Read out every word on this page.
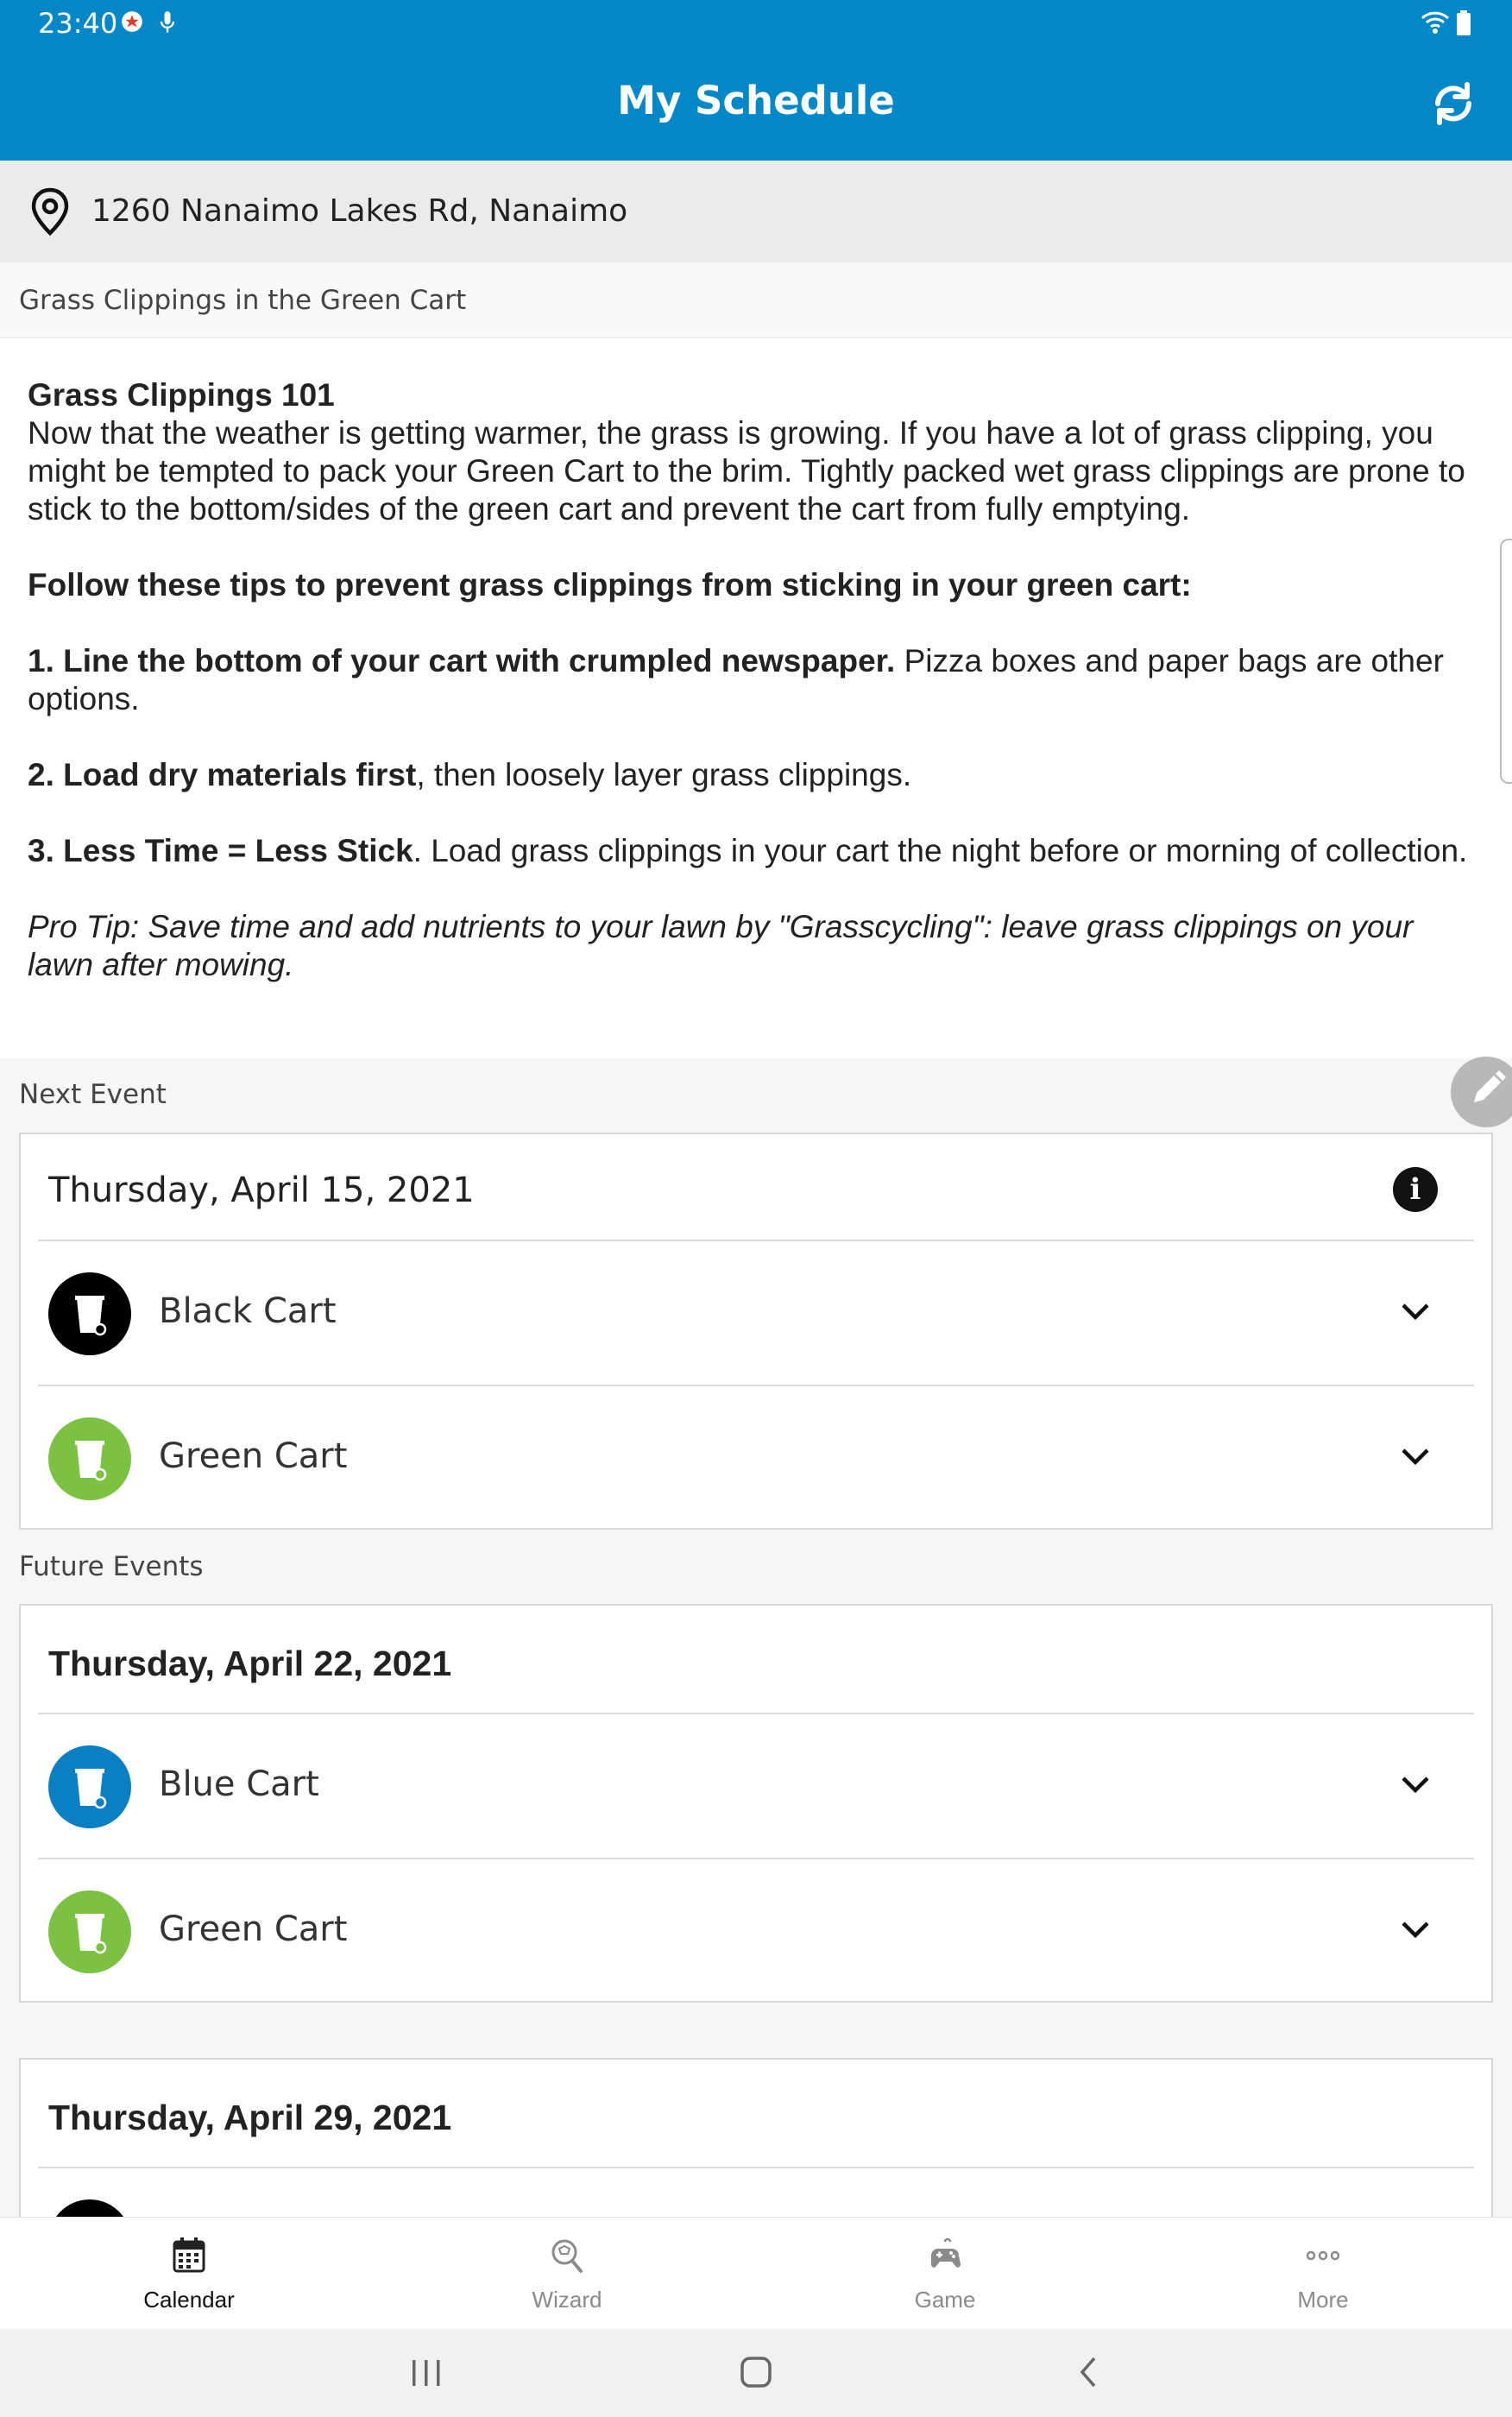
23:40
My Schedule
1260 Nanaimo Lakes Rd, Nanaimo
Grass Clippings in the Green Cart

Grass Clippings 101

Now that the weather is getting warmer, the grass is growing. If you have a lot of grass clipping, you might be tempted to pack your Green Cart to the brim. Tightly packed wet grass clippings are prone to stick to the bottom/sides of the green cart and prevent the cart from fully emptying.

Follow these tips to prevent grass clippings from sticking in your green cart:

1. Line the bottom of your cart with crumpled newspaper. Pizza boxes and paper bags are other options.

2. Load dry materials first, then loosely layer grass clippings.

3. Less Time = Less Stick. Load grass clippings in your cart the night before or morning of collection.

Pro Tip: Save time and add nutrients to your lawn by "Grasscycling": leave grass clippings on your lawn after mowing.

Next Event
Thursday, April 15, 2021	i
Black Cart
Green Cart
Future Events
Thursday, April 22, 2021
Blue Cart
Green Cart
Thursday, April 29, 2021
Calendar	Wizard	Game	More
